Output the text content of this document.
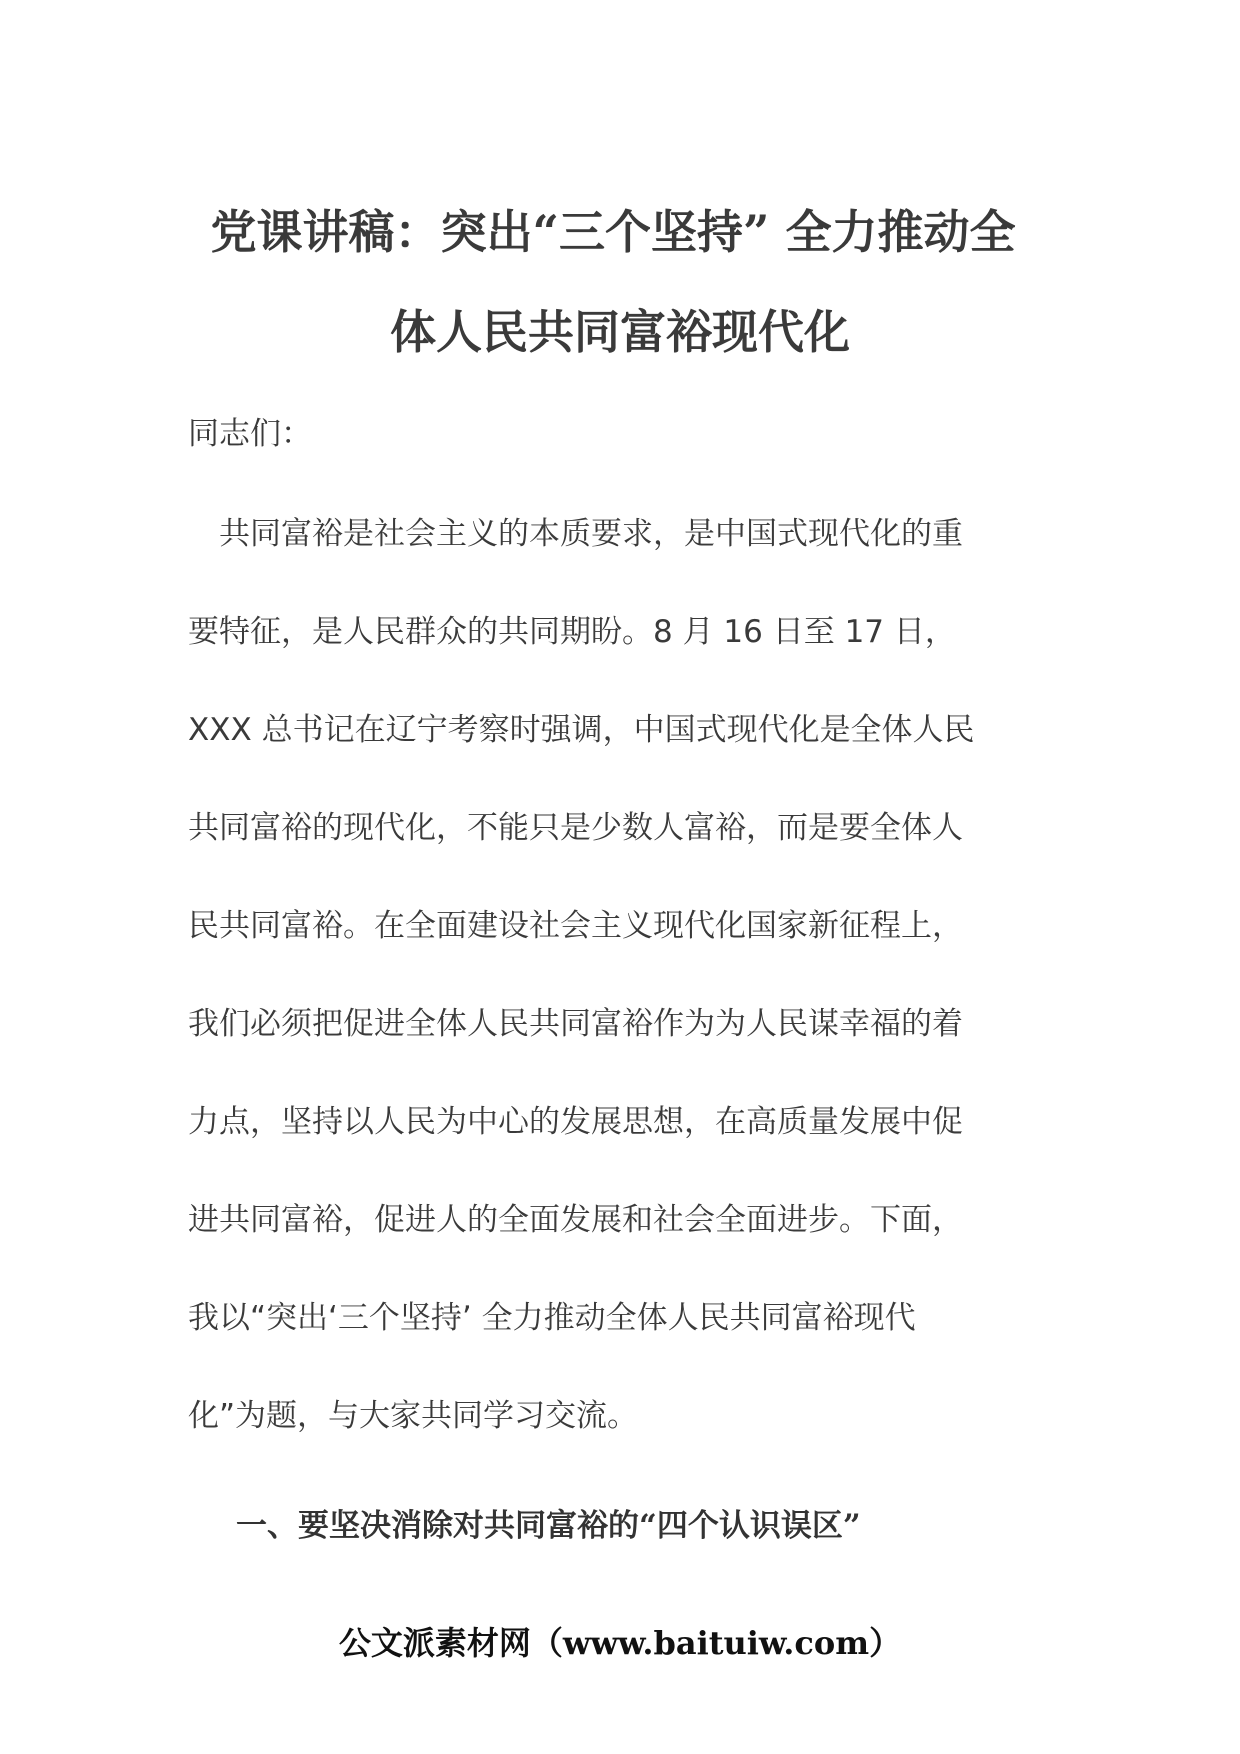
党课讲稿：突出“三个坚持” 全力推动全
体人民共同富裕现代化
同志们：
　共同富裕是社会主义的本质要求，是中国式现代化的重
要特征，是人民群众的共同期盼。8 月 16 日至 17 日，
XXX 总书记在辽宁考察时强调，中国式现代化是全体人民
共同富裕的现代化，不能只是少数人富裕，而是要全体人
民共同富裕。在全面建设社会主义现代化国家新征程上，
我们必须把促进全体人民共同富裕作为为人民谋幸福的着
力点，坚持以人民为中心的发展思想，在高质量发展中促
进共同富裕，促进人的全面发展和社会全面进步。下面，
我以“突出‘三个坚持’ 全力推动全体人民共同富裕现代
化”为题，与大家共同学习交流。
一、要坚决消除对共同富裕的“四个认识误区”
公文派素材网（www.baituiw.com）
